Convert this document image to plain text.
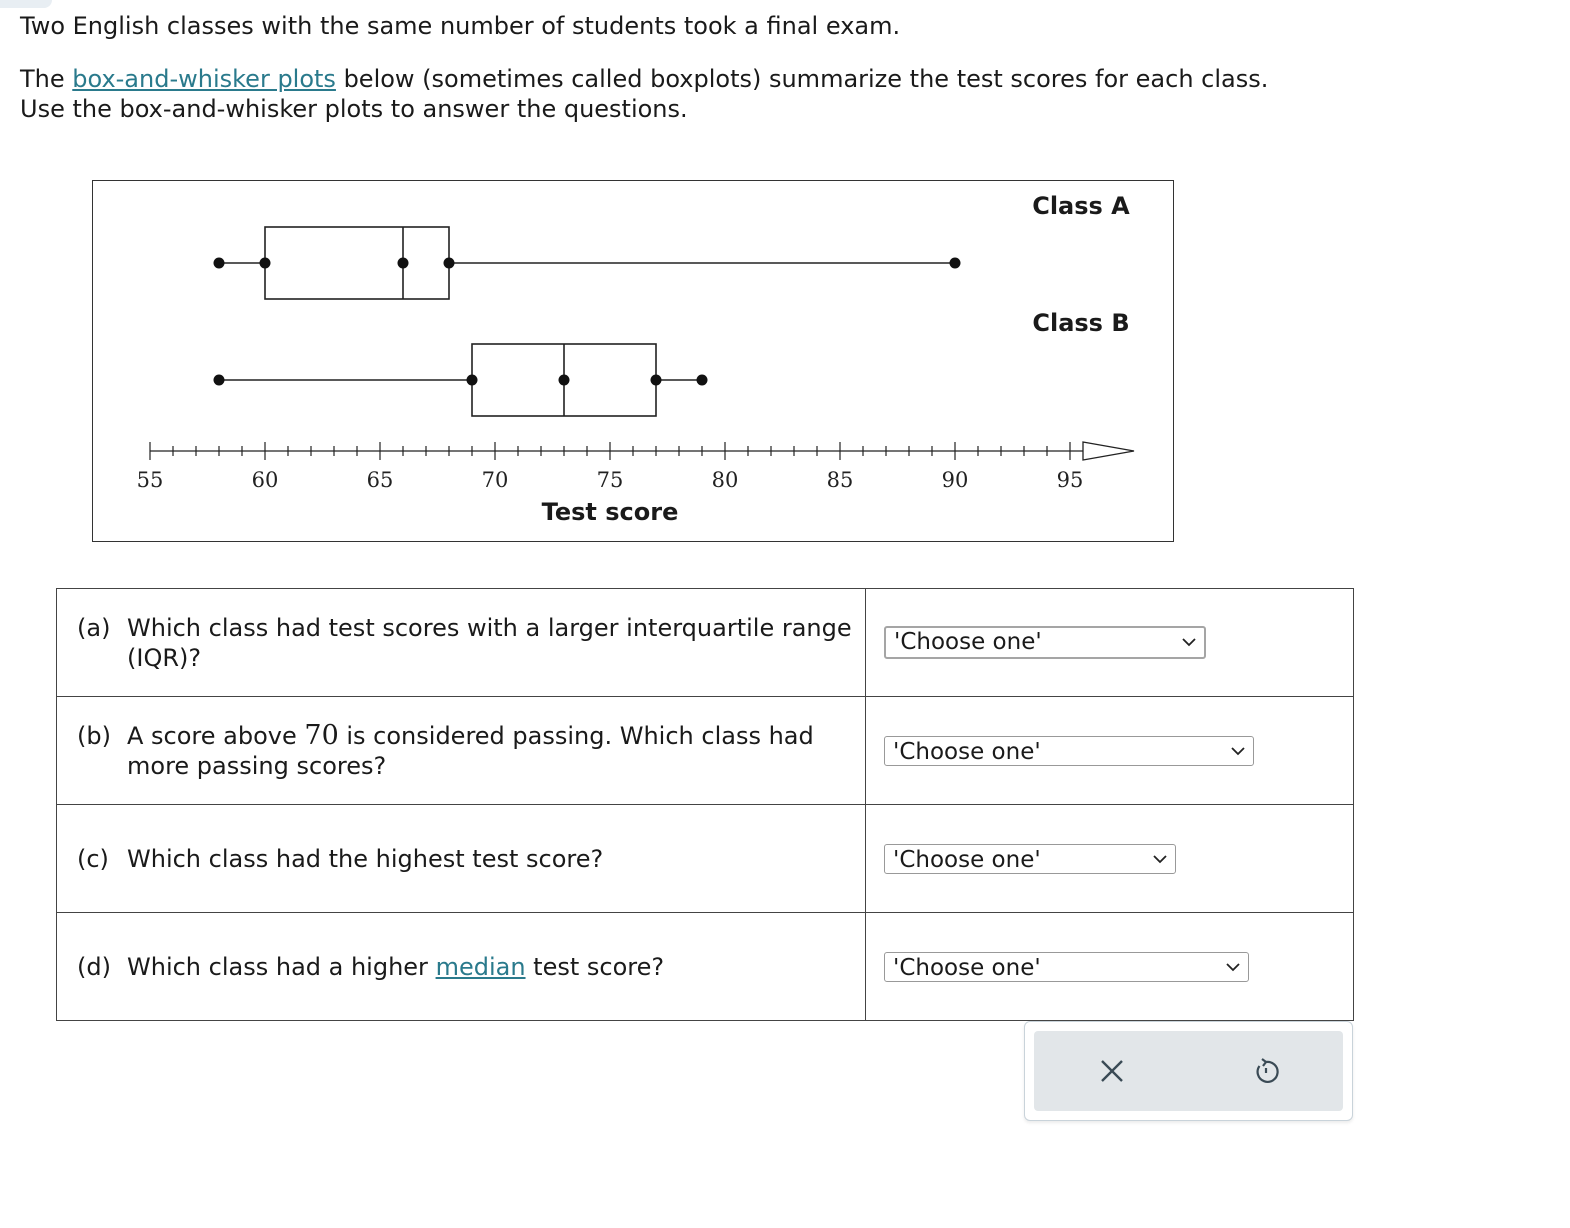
Two English classes with the same number of students took a final exam.

The box-and-whisker plots below (sometimes called boxplots) summarize the test scores for each class.
Use the box-and-whisker plots to answer the questions.

55	60	65	70	75	80	85	90	95
Test score
Class A
Class B
(a) Which class had test scores with a larger interquartile range (IQR)?	'Choose one'

(b) A score above 70 is considered passing. Which class had more passing scores?	'Choose one'

(c) Which class had the highest test score?	'Choose one'

(d) Which class had a higher median test score?	'Choose one'
